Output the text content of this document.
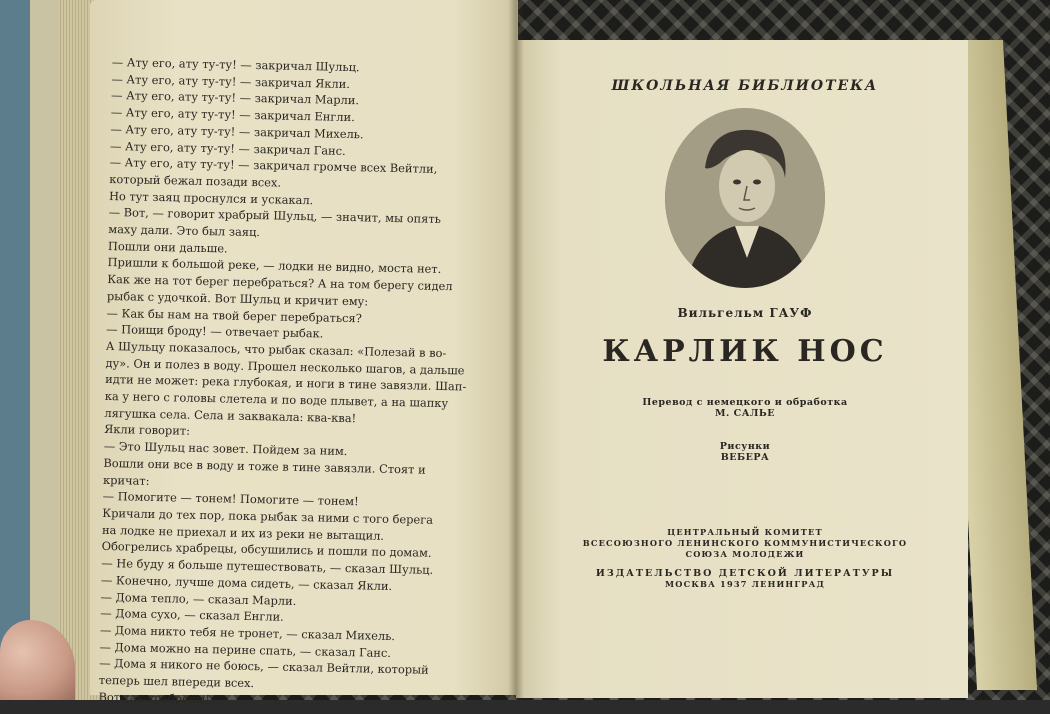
— Ату его, ату ту-ту! — закричал Шульц.
— Ату его, ату ту-ту! — закричал Якли.
— Ату его, ату ту-ту! — закричал Марли.
— Ату его, ату ту-ту! — закричал Енгли.
— Ату его, ату ту-ту! — закричал Михель.
— Ату его, ату ту-ту! — закричал Ганс.
— Ату его, ату ту-ту! — закричал громче всех Вейтли,
который бежал позади всех.
Но тут заяц проснулся и ускакал.
— Вот, — говорит храбрый Шульц, — значит, мы опять
маху дали. Это был заяц.
Пошли они дальше.
Пришли к большой реке, — лодки не видно, моста нет.
Как же на тот берег перебраться? А на том берегу сидел
рыбак с удочкой. Вот Шульц и кричит ему:
— Как бы нам на твой берег перебраться?
— Поищи броду! — отвечает рыбак.
А Шульцу показалось, что рыбак сказал: «Полезай в во-
ду». Он и полез в воду. Прошел несколько шагов, а дальше
идти не может: река глубокая, и ноги в тине завязли. Шап-
ка у него с головы слетела и по воде плывет, а на шапку
лягушка села. Села и заквакала: ква-ква!
Якли говорит:
— Это Шульц нас зовет. Пойдем за ним.
Вошли они все в воду и тоже в тине завязли. Стоят и
кричат:
— Помогите — тонем! Помогите — тонем!
Кричали до тех пор, пока рыбак за ними с того берега
на лодке не приехал и их из реки не вытащил.
Обогрелись храбрецы, обсушились и пошли по домам.
— Не буду я больше путешествовать, — сказал Шульц.
— Конечно, лучше дома сидеть, — сказал Якли.
— Дома тепло, — сказал Марли.
— Дома сухо, — сказал Енгли.
— Дома никто тебя не тронет, — сказал Михель.
— Дома можно на перине спать, — сказал Ганс.
— Дома я никого не боюсь, — сказал Вейтли, который
теперь шел впереди всех.
Вот так храбрецы!
ШКОЛЬНАЯ БИБЛИОТЕКА
Вильгельм ГАУФ
КАРЛИК НОС
Перевод с немецкого и обработка
М. САЛЬЕ
Рисунки
ВЕБЕРА
ЦЕНТРАЛЬНЫЙ КОМИТЕТ
ВСЕСОЮЗНОГО ЛЕНИНСКОГО КОММУНИСТИЧЕСКОГО
СОЮЗА МОЛОДЕЖИ
ИЗДАТЕЛЬСТВО ДЕТСКОЙ ЛИТЕРАТУРЫ
МОСКВА 1937 ЛЕНИНГРАД
